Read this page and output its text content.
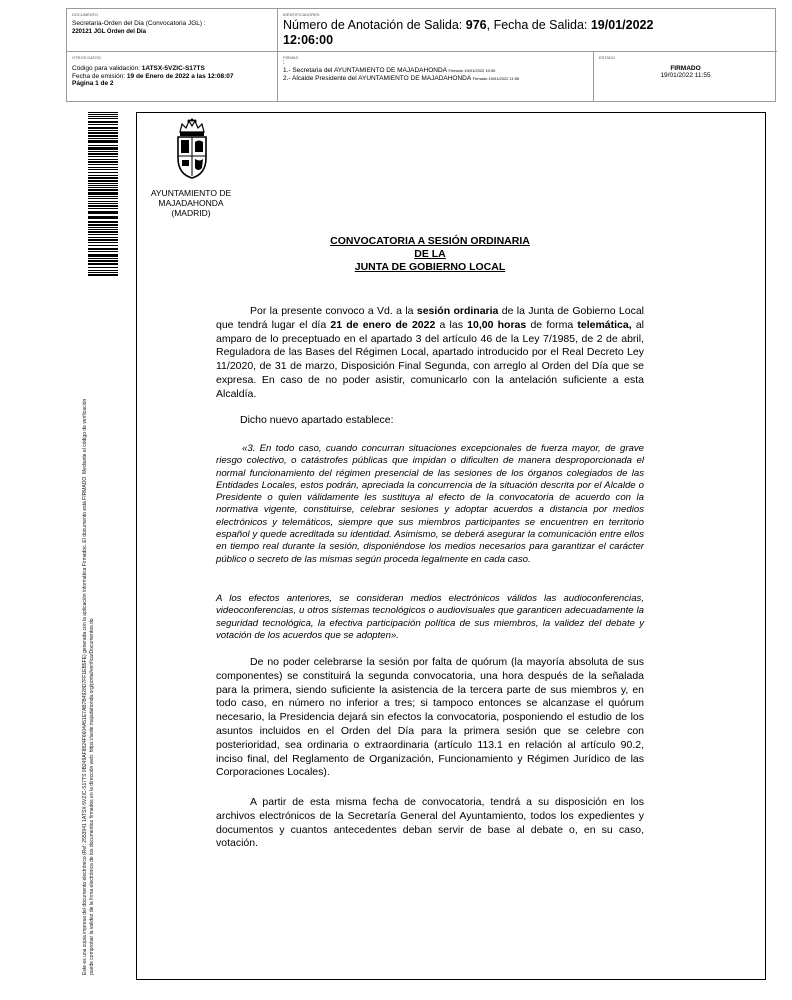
DOCUMENTO
Secretaria-Orden del Dia (Convocatoria JGL) :
220121 JGL Orden del Día
IDENTIFICADORES
Número de Anotación de Salida: 976, Fecha de Salida: 19/01/2022
12:06:00
OTROS DATOS
Código para validación: 1ATSX-5VZIC-S17TS
Fecha de emisión: 19 de Enero de 2022 a las 12:08:07
Página 1 de 2
FIRMAS
:
1.- Secretaria del AYUNTAMIENTO DE MAJADAHONDA Firmado 19/01/2022 10:30
2.- Alcalde Presidente del AYUNTAMIENTO DE MAJADAHONDA Firmado 19/01/2022 11:55
ESTADO
FIRMADO
19/01/2022 11:55
Este es una copia impresa del documento electrónico (Ref: 2553941 1ATSX-5VZIC-S17TS 0B249AF8824F6604A51E7AB7B4928D7FF1EB5FE) generada con la aplicación informática Firmadoc. El documento está FIRMADO. Mediante el código de verificación puede comprobar la validez de la firma electrónica de los documentos firmados en la dirección web: https://sede.majadahonda.org/portal/verificarDocumentos.do
AYUNTAMIENTO DE
MAJADAHONDA
(MADRID)
CONVOCATORIA A SESIÓN ORDINARIA
DE LA
JUNTA DE GOBIERNO LOCAL
Por la presente convoco a Vd. a la sesión ordinaria de la Junta de Gobierno Local que tendrá lugar el día 21 de enero de 2022 a las 10,00 horas de forma telemática, al amparo de lo preceptuado en el apartado 3 del artículo 46 de la Ley 7/1985, de 2 de abril, Reguladora de las Bases del Régimen Local, apartado introducido por el Real Decreto Ley 11/2020, de 31 de marzo, Disposición Final Segunda, con arreglo al Orden del Día que se expresa. En caso de no poder asistir, comunicarlo con la antelación suficiente a esta Alcaldía.
Dicho nuevo apartado establece:
«3. En todo caso, cuando concurran situaciones excepcionales de fuerza mayor, de grave riesgo colectivo, o catástrofes públicas que impidan o dificulten de manera desproporcionada el normal funcionamiento del régimen presencial de las sesiones de los órganos colegiados de las Entidades Locales, estos podrán, apreciada la concurrencia de la situación descrita por el Alcalde o Presidente o quien válidamente les sustituya al efecto de la convocatoria de acuerdo con la normativa vigente, constituirse, celebrar sesiones y adoptar acuerdos a distancia por medios electrónicos y telemáticos, siempre que sus miembros participantes se encuentren en territorio español y quede acreditada su identidad. Asimismo, se deberá asegurar la comunicación entre ellos en tiempo real durante la sesión, disponiéndose los medios necesarios para garantizar el carácter público o secreto de las mismas según proceda legalmente en cada caso.
A los efectos anteriores, se consideran medios electrónicos válidos las audioconferencias, videoconferencias, u otros sistemas tecnológicos o audiovisuales que garanticen adecuadamente la seguridad tecnológica, la efectiva participación política de sus miembros, la validez del debate y votación de los acuerdos que se adopten».
De no poder celebrarse la sesión por falta de quórum (la mayoría absoluta de sus componentes) se constituirá la segunda convocatoria, una hora después de la señalada para la primera, siendo suficiente la asistencia de la tercera parte de sus miembros y, en todo caso, en número no inferior a tres; si tampoco entonces se alcanzase el quórum necesario, la Presidencia dejará sin efectos la convocatoria, posponiendo el estudio de los asuntos incluidos en el Orden del Día para la primera sesión que se celebre con posterioridad, sea ordinaria o extraordinaria (artículo 113.1 en relación al artículo 90.2, inciso final, del Reglamento de Organización, Funcionamiento y Régimen Jurídico de las Corporaciones Locales).
A partir de esta misma fecha de convocatoria, tendrá a su disposición en los archivos electrónicos de la Secretaría General del Ayuntamiento, todos los expedientes y documentos y cuantos antecedentes deban servir de base al debate o, en su caso, votación.
